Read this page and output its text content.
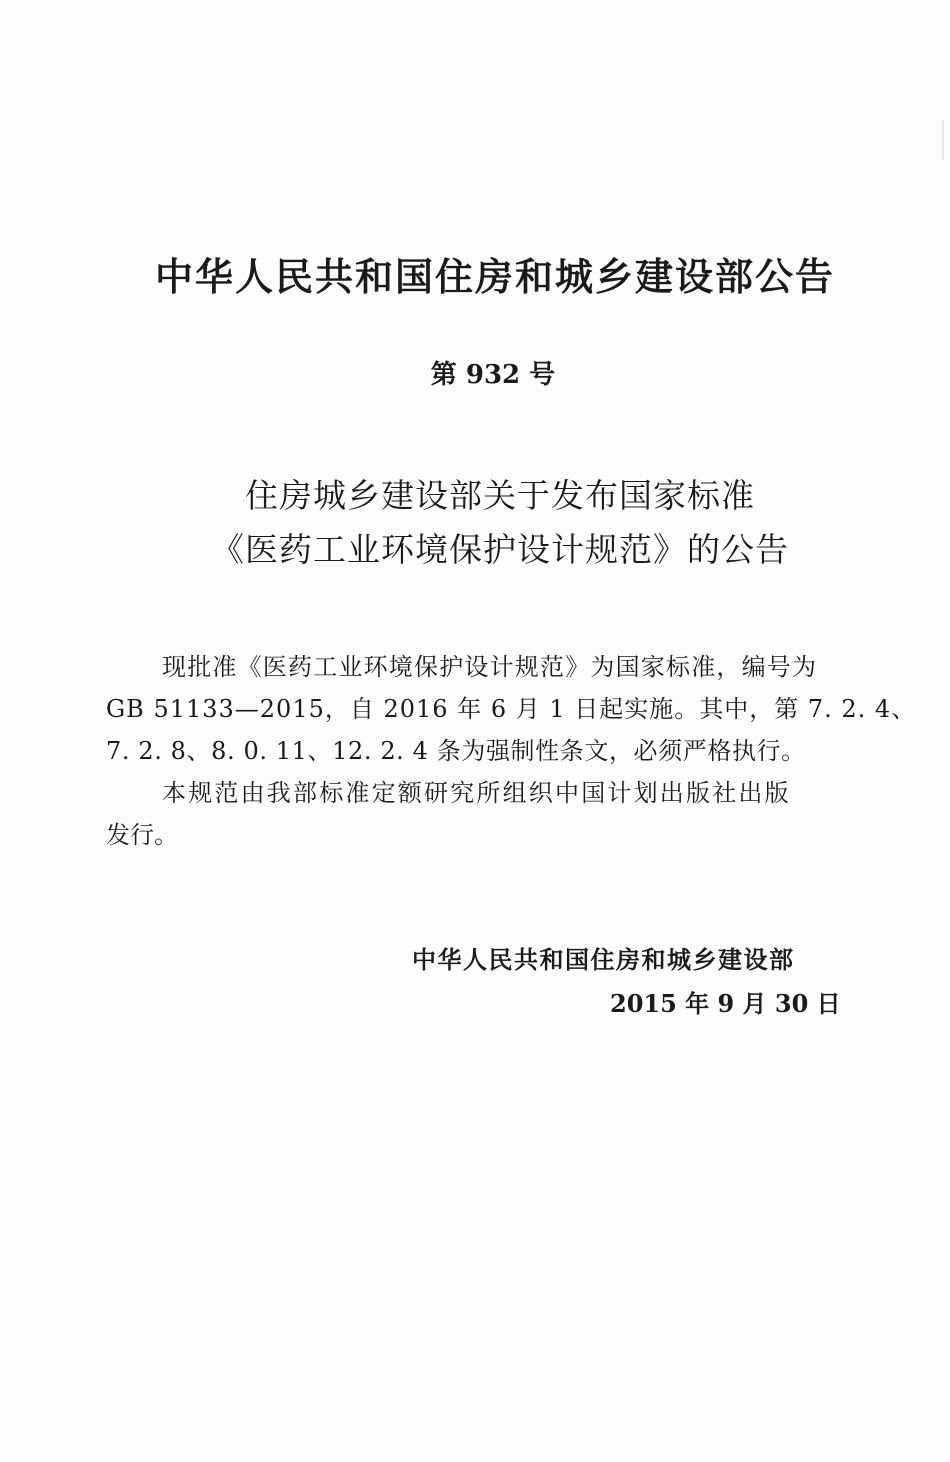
中华人民共和国住房和城乡建设部公告
第 932 号
住房城乡建设部关于发布国家标准
《医药工业环境保护设计规范》的公告
现批准《医药工业环境保护设计规范》为国家标准，编号为
GB 51133—2015，自 2016 年 6 月 1 日起实施。其中，第 7. 2. 4、
7. 2. 8、8. 0. 11、12. 2. 4 条为强制性条文，必须严格执行。
本规范由我部标准定额研究所组织中国计划出版社出版
发行。
中华人民共和国住房和城乡建设部
2015 年 9 月 30 日
